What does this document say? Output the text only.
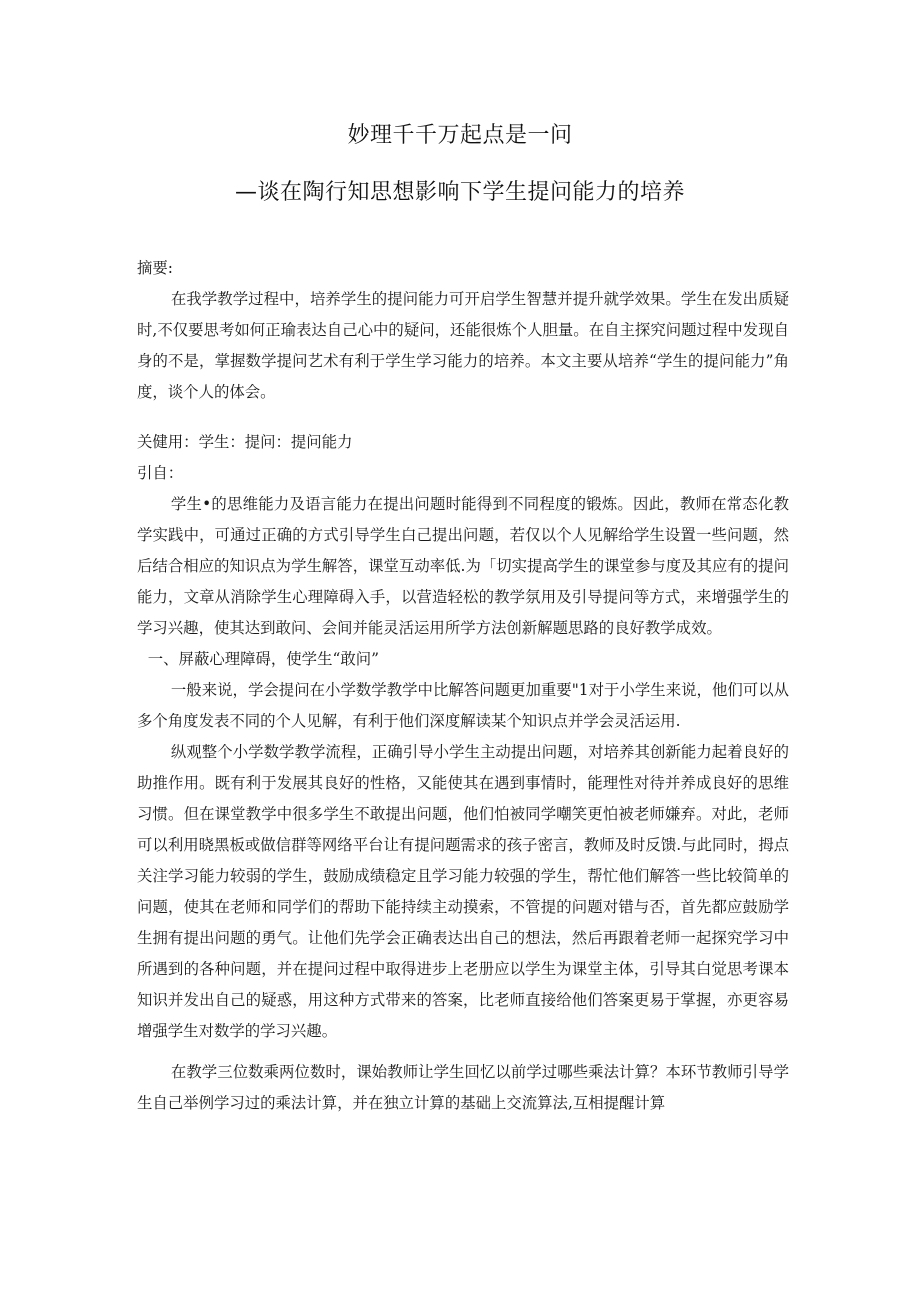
妙理千千万起点是一问
—谈在陶行知思想影响下学生提问能力的培养

摘要:

在我学教学过程中，培养学生的提问能力可开启学生智慧并提升就学效果。学生在发出质疑时,不仅要思考如何正瑜表达自己心中的疑问，还能很炼个人胆量。在自主探究问题过程中发现自身的不是，掌握数学提问艺术有利于学生学习能力的培养。本文主要从培养“学生的提问能力”角度，谈个人的体会。

关健用：学生：提问：提问能力

引自：

学生•的思维能力及语言能力在提出问题时能得到不同程度的锻炼。因此，教师在常态化教学实践中，可通过正确的方式引导学生白己提出问题，若仅以个人见解给学生设置一些问题，然后结合相应的知识点为学生解答，课堂互动率低.为「切实提高学生的课堂参与度及其应有的提问能力，文章从消除学生心理障碍入手，以营造轻松的教学氛用及引导提问等方式，来增强学生的学习兴趣，使其达到敢问、会间并能灵活运用所学方法创新解题思路的良好教学成效。

一、屏蔽心理障碍，使学生“敢问”

一般来说，学会提问在小学数学教学中比解答问题更加重要"1对于小学生来说，他们可以从多个角度发表不同的个人见解，有利于他们深度解读某个知识点并学会灵活运用.

纵观整个小学数学教学流程，正确引导小学生主动提出问题，对培养其创新能力起着良好的助推作用。既有利于发展其良好的性格，又能使其在遇到事情时，能理性对待并养成良好的思维习惯。但在课堂教学中很多学生不敢提出问题，他们怕被同学嘲笑更怕被老师嫌弃。对此，老师可以利用晓黑板或做信群等网络平台让有提问题需求的孩子密言，教师及时反馈.与此同时，拇点关注学习能力较弱的学生，鼓励成绩稳定且学习能力较强的学生，帮忙他们解答一些比较简单的问题，使其在老师和同学们的帮助下能持续主动摸索，不管提的问题对错与否，首先都应鼓励学生拥有提出问题的勇气。让他们先学会正确表达出自己的想法，然后再跟着老师一起探究学习中所遇到的各种问题，并在提问过程中取得进步上老册应以学生为课堂主体，引导其白觉思考课本知识并发出自己的疑惑，用这种方式带来的答案，比老师直接给他们答案更易于掌握，亦更容易增强学生对数学的学习兴趣。

在教学三位数乘两位数时，课始教师让学生回忆以前学过哪些乘法计算？本环节教师引导学生自己举例学习过的乘法计算，并在独立计算的基础上交流算法,互相提醒计算
